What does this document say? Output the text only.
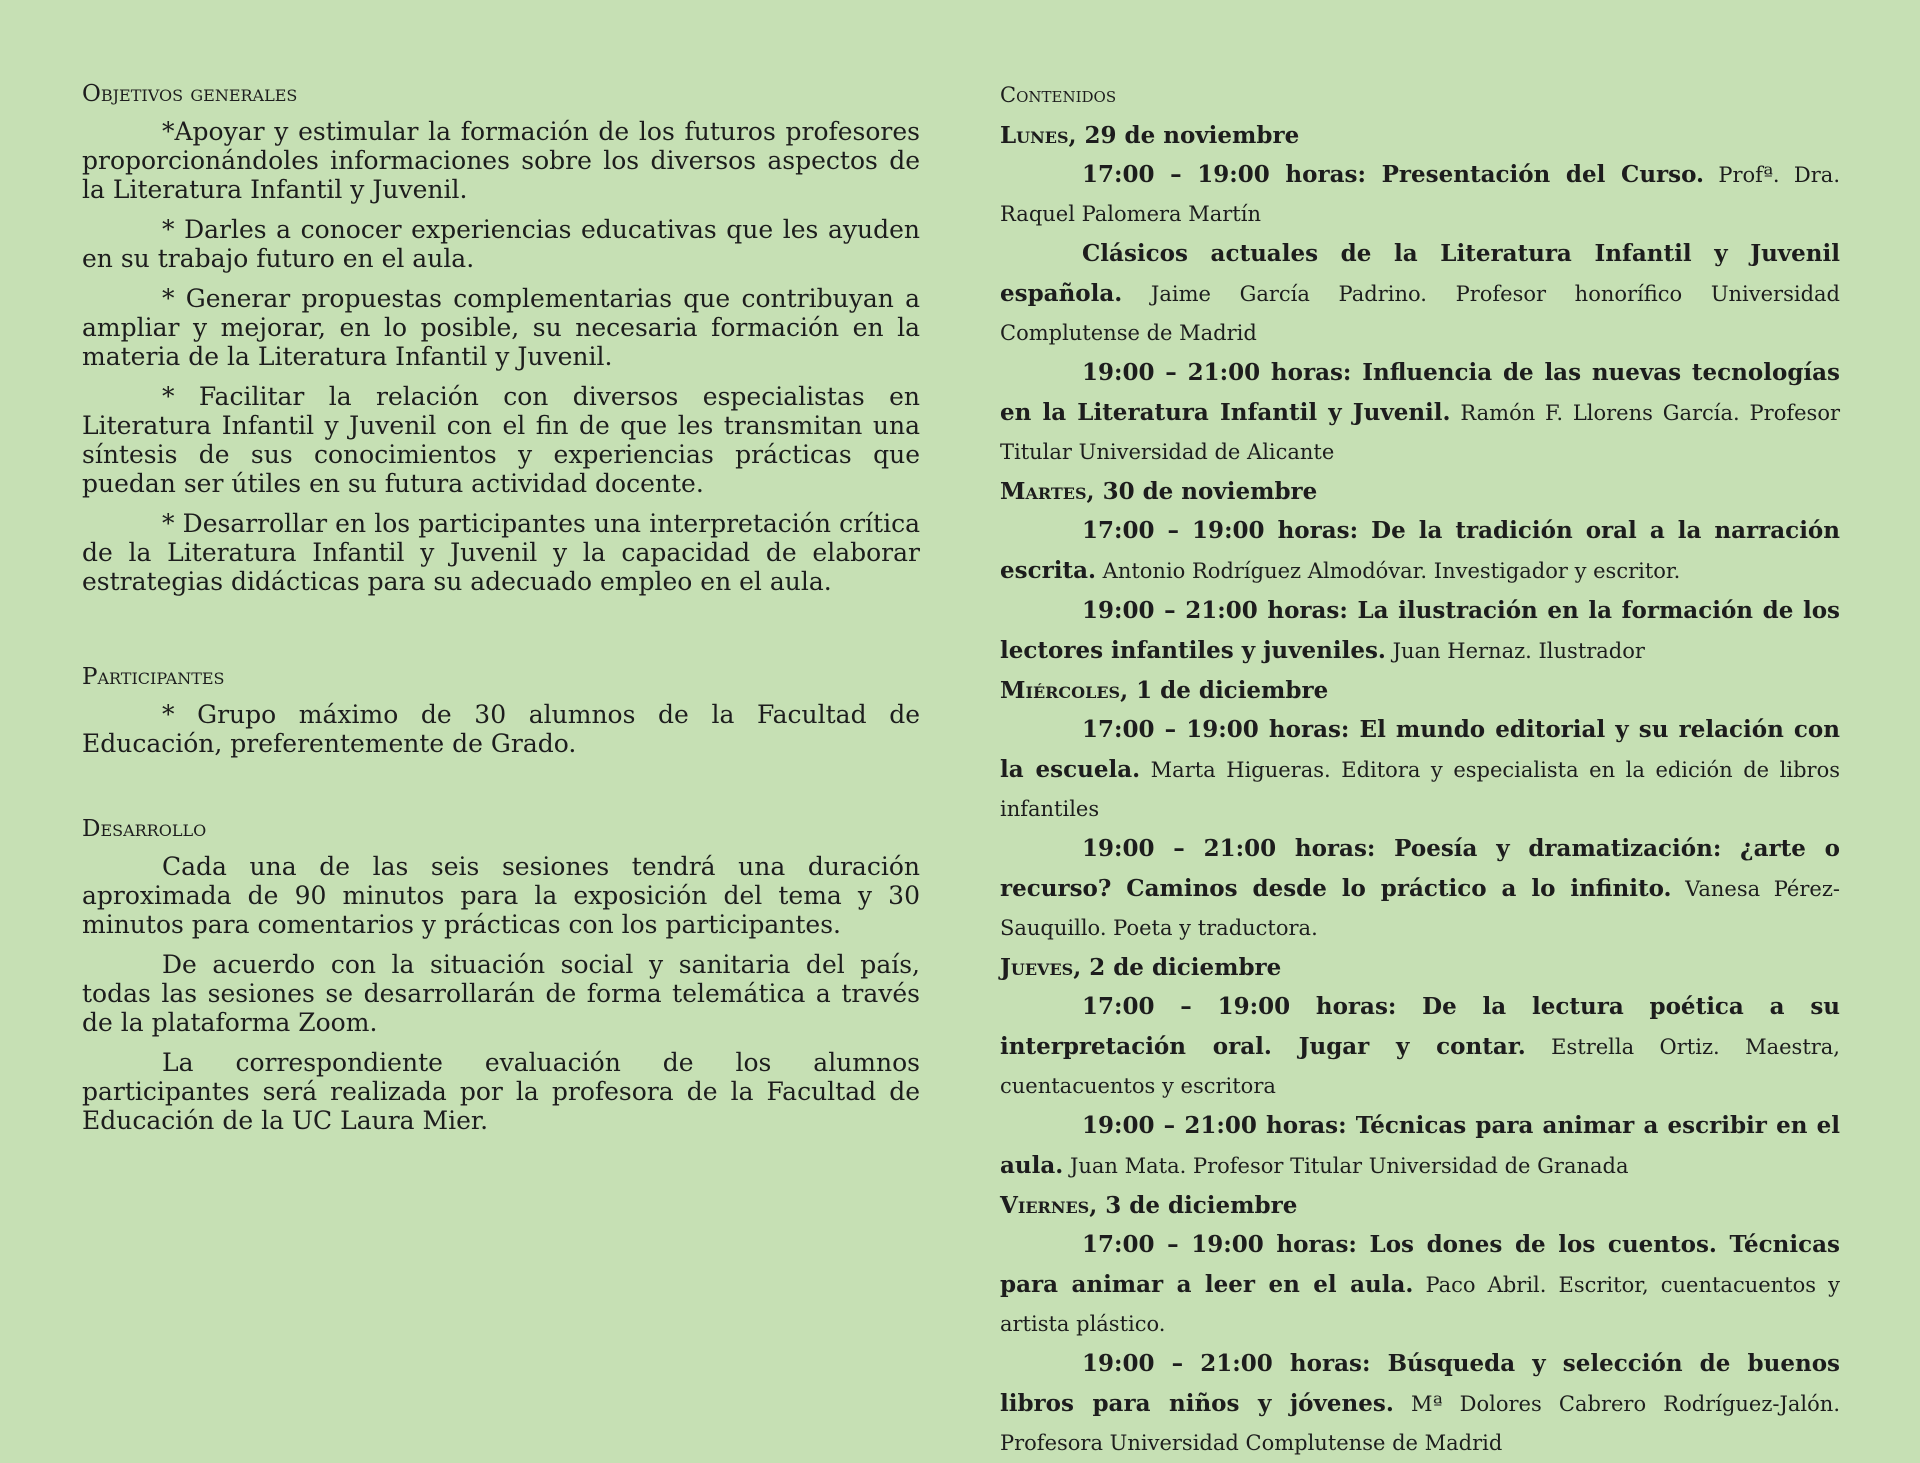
Objetivos generales

*Apoyar y estimular la formación de los futuros profesores proporcionándoles informaciones sobre los diversos aspectos de la Literatura Infantil y Juvenil.

* Darles a conocer experiencias educativas que les ayuden en su trabajo futuro en el aula.

* Generar propuestas complementarias que contribuyan a ampliar y mejorar, en lo posible, su necesaria formación en la materia de la Literatura Infantil y Juvenil.

* Facilitar la relación con diversos especialistas en Literatura Infantil y Juvenil con el fin de que les transmitan una síntesis de sus conocimientos y experiencias prácticas que puedan ser útiles en su futura actividad docente.

* Desarrollar en los participantes una interpretación crítica de la Literatura Infantil y Juvenil y la capacidad de elaborar estrategias didácticas para su adecuado empleo en el aula.

Participantes

* Grupo máximo de 30 alumnos de la Facultad de Educación, preferentemente de Grado.

Desarrollo

Cada una de las seis sesiones tendrá una duración aproximada de 90 minutos para la exposición del tema y 30 minutos para comentarios y prácticas con los participantes.

De acuerdo con la situación social y sanitaria del país, todas las sesiones se desarrollarán de forma telemática a través de la plataforma Zoom.

La correspondiente evaluación de los alumnos participantes será realizada por la profesora de la Facultad de Educación de la UC Laura Mier.

Contenidos

Lunes, 29 de noviembre

17:00 – 19:00 horas: Presentación del Curso. Profª. Dra. Raquel Palomera Martín

Clásicos actuales de la Literatura Infantil y Juvenil española. Jaime García Padrino. Profesor honorífico Universidad Complutense de Madrid

19:00 – 21:00 horas: Influencia de las nuevas tecnologías en la Literatura Infantil y Juvenil. Ramón F. Llorens García. Profesor Titular Universidad de Alicante

Martes, 30 de noviembre

17:00 – 19:00 horas: De la tradición oral a la narración escrita. Antonio Rodríguez Almodóvar. Investigador y escritor.

19:00 – 21:00 horas: La ilustración en la formación de los lectores infantiles y juveniles. Juan Hernaz. Ilustrador

Miércoles, 1 de diciembre

17:00 – 19:00 horas: El mundo editorial y su relación con la escuela. Marta Higueras. Editora y especialista en la edición de libros infantiles

19:00 – 21:00 horas: Poesía y dramatización: ¿arte o recurso? Caminos desde lo práctico a lo infinito. Vanesa Pérez-Sauquillo. Poeta y traductora.

Jueves, 2 de diciembre

17:00 – 19:00 horas: De la lectura poética a su interpretación oral. Jugar y contar. Estrella Ortiz. Maestra, cuentacuentos y escritora

19:00 – 21:00 horas: Técnicas para animar a escribir en el aula. Juan Mata. Profesor Titular Universidad de Granada

Viernes, 3 de diciembre

17:00 – 19:00 horas: Los dones de los cuentos. Técnicas para animar a leer en el aula. Paco Abril. Escritor, cuentacuentos y artista plástico.

19:00 – 21:00 horas: Búsqueda y selección de buenos libros para niños y jóvenes. Mª Dolores Cabrero Rodríguez-Jalón. Profesora Universidad Complutense de Madrid
